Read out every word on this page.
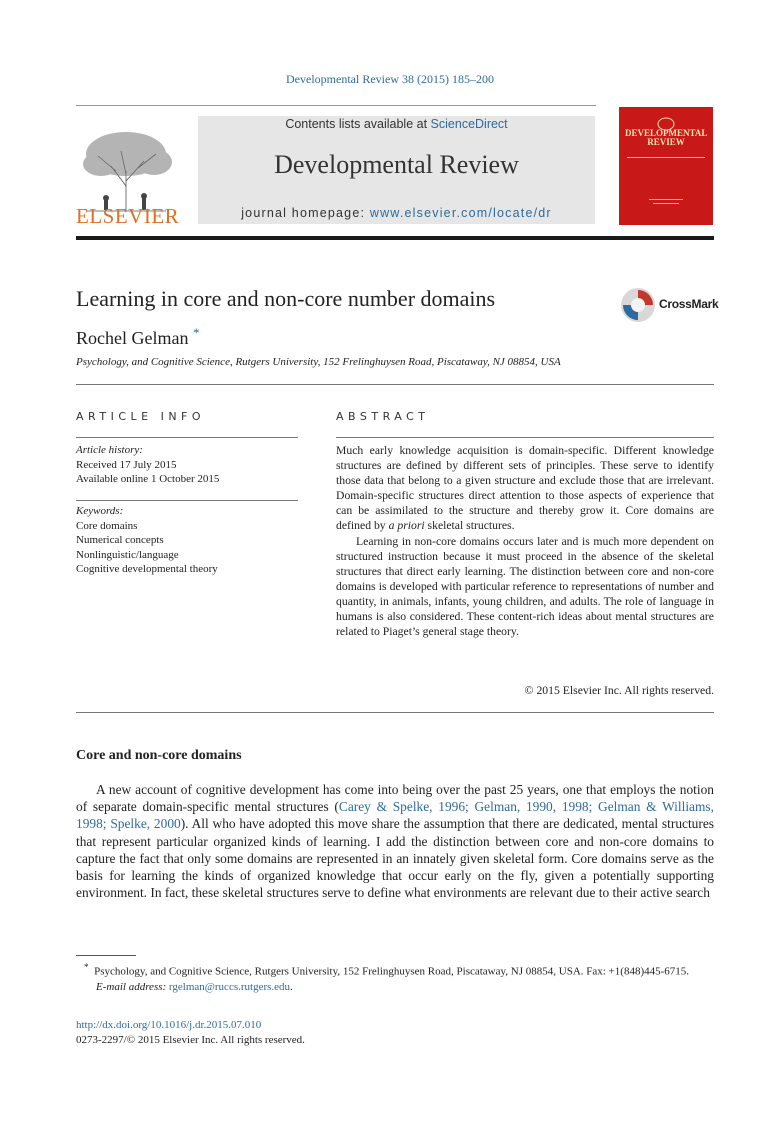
Developmental Review 38 (2015) 185–200
ELSEVIER
Contents lists available at ScienceDirect
Developmental Review
journal homepage: www.elsevier.com/locate/dr
DEVELOPMENTAL REVIEW
Learning in core and non-core number domains	CrossMark
Rochel Gelman *
Psychology, and Cognitive Science, Rutgers University, 152 Frelinghuysen Road, Piscataway, NJ 08854, USA
ARTICLE INFO	ABSTRACT
Article history:
Received 17 July 2015
Available online 1 October 2015
Keywords:
Core domains
Numerical concepts
Nonlinguistic/language
Cognitive developmental theory

Much early knowledge acquisition is domain-specific. Different knowledge structures are defined by different sets of principles. These serve to identify those data that belong to a given structure and exclude those that are irrelevant. Domain-specific structures direct attention to those aspects of experience that can be assimilated to the structure and thereby grow it. Core domains are defined by a priori skeletal structures.

Learning in non-core domains occurs later and is much more dependent on structured instruction because it must proceed in the absence of the skeletal structures that direct early learning. The distinction between core and non-core domains is developed with particular reference to representations of number and quantity, in animals, infants, young children, and adults. The role of language in humans is also considered. These content-rich ideas about mental structures are related to Piaget’s general stage theory.

© 2015 Elsevier Inc. All rights reserved.
Core and non-core domains

A new account of cognitive development has come into being over the past 25 years, one that employs the notion of separate domain-specific mental structures (Carey & Spelke, 1996; Gelman, 1990, 1998; Gelman & Williams, 1998; Spelke, 2000). All who have adopted this move share the assumption that there are dedicated, mental structures that represent particular organized kinds of learning. I add the distinction between core and non-core domains to capture the fact that only some domains are represented in an innately given skeletal form. Core domains serve as the basis for learning the kinds of organized knowledge that occur early on the fly, given a potentially supporting environment. In fact, these skeletal structures serve to define what environments are relevant due to their active search

* Psychology, and Cognitive Science, Rutgers University, 152 Frelinghuysen Road, Piscataway, NJ 08854, USA. Fax: +1(848)445-6715.

E-mail address: rgelman@ruccs.rutgers.edu.

http://dx.doi.org/10.1016/j.dr.2015.07.010
0273-2297/© 2015 Elsevier Inc. All rights reserved.
